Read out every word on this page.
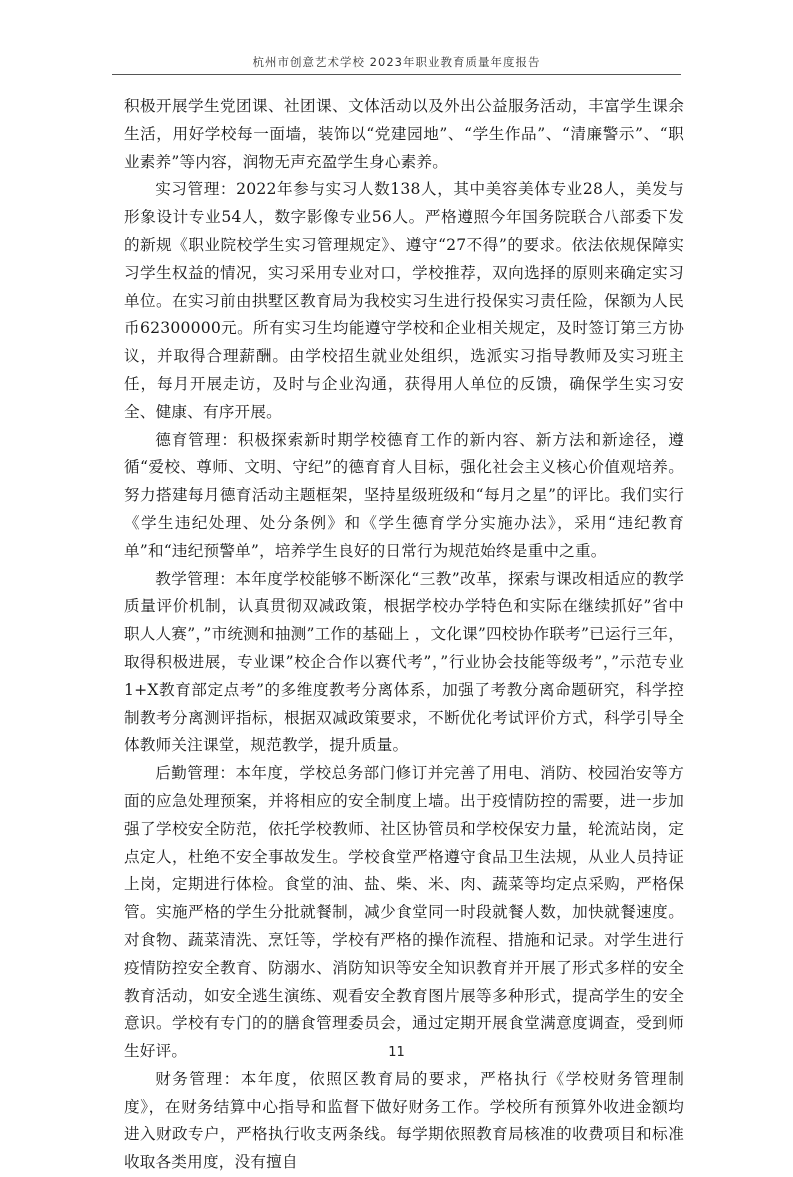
杭州市创意艺术学校 2023年职业教育质量年度报告

积极开展学生党团课、社团课、文体活动以及外出公益服务活动，丰富学生课余生活，用好学校每一面墙，装饰以“党建园地”、“学生作品”、“清廉警示”、“职业素养”等内容，润物无声充盈学生身心素养。

实习管理：2022年参与实习人数138人，其中美容美体专业28人，美发与形象设计专业54人，数字影像专业56人。严格遵照今年国务院联合八部委下发的新规《职业院校学生实习管理规定》、遵守“27不得”的要求。依法依规保障实习学生权益的情况，实习采用专业对口，学校推荐，双向选择的原则来确定实习单位。在实习前由拱墅区教育局为我校实习生进行投保实习责任险，保额为人民币62300000元。所有实习生均能遵守学校和企业相关规定，及时签订第三方协议，并取得合理薪酬。由学校招生就业处组织，选派实习指导教师及实习班主任，每月开展走访，及时与企业沟通，获得用人单位的反馈，确保学生实习安全、健康、有序开展。

德育管理：积极探索新时期学校德育工作的新内容、新方法和新途径，遵循“爱校、尊师、文明、守纪”的德育育人目标，强化社会主义核心价值观培养。努力搭建每月德育活动主题框架，坚持星级班级和“每月之星”的评比。我们实行《学生违纪处理、处分条例》和《学生德育学分实施办法》，采用“违纪教育单”和“违纪预警单”，培养学生良好的日常行为规范始终是重中之重。

教学管理：本年度学校能够不断深化“三教”改革，探索与课改相适应的教学质量评价机制，认真贯彻双减政策，根据学校办学特色和实际在继续抓好”省中职人人赛”，”市统测和抽测”工作的基础上 ，文化课”四校协作联考”已运行三年，取得积极进展，专业课”校企合作以赛代考”，”行业协会技能等级考”，”示范专业1+X教育部定点考”的多维度教考分离体系，加强了考教分离命题研究，科学控制教考分离测评指标，根据双减政策要求，不断优化考试评价方式，科学引导全体教师关注课堂，规范教学，提升质量。

后勤管理：本年度，学校总务部门修订并完善了用电、消防、校园治安等方面的应急处理预案，并将相应的安全制度上墙。出于疫情防控的需要，进一步加强了学校安全防范，依托学校教师、社区协管员和学校保安力量，轮流站岗，定点定人，杜绝不安全事故发生。学校食堂严格遵守食品卫生法规，从业人员持证上岗，定期进行体检。食堂的油、盐、柴、米、肉、蔬菜等均定点采购，严格保管。实施严格的学生分批就餐制，减少食堂同一时段就餐人数，加快就餐速度。对食物、蔬菜清洗、烹饪等，学校有严格的操作流程、措施和记录。对学生进行疫情防控安全教育、防溺水、消防知识等安全知识教育并开展了形式多样的安全教育活动，如安全逃生演练、观看安全教育图片展等多种形式，提高学生的安全意识。学校有专门的的膳食管理委员会，通过定期开展食堂满意度调查，受到师生好评。

财务管理：本年度，依照区教育局的要求，严格执行《学校财务管理制度》，在财务结算中心指导和监督下做好财务工作。学校所有预算外收进金额均进入财政专户，严格执行收支两条线。每学期依照教育局核准的收费项目和标准收取各类用度，没有擅自

11
